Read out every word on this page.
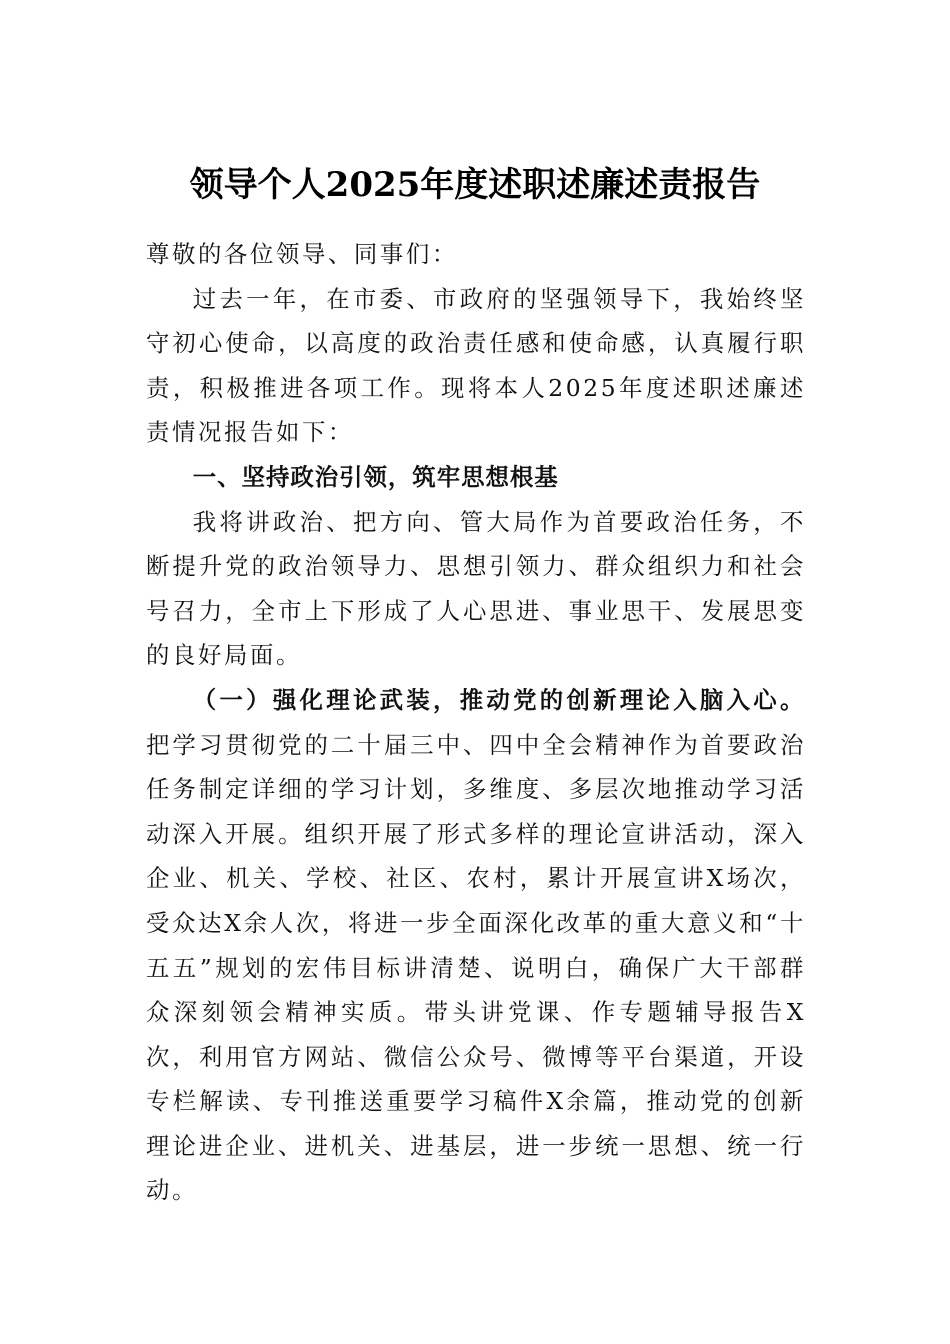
领导个人2025年度述职述廉述责报告

尊敬的各位领导、同事们：

过去一年，在市委、市政府的坚强领导下，我始终坚守初心使命，以高度的政治责任感和使命感，认真履行职责，积极推进各项工作。现将本人2025年度述职述廉述责情况报告如下：

一、坚持政治引领，筑牢思想根基

我将讲政治、把方向、管大局作为首要政治任务，不断提升党的政治领导力、思想引领力、群众组织力和社会号召力，全市上下形成了人心思进、事业思干、发展思变的良好局面。

（一）强化理论武装，推动党的创新理论入脑入心。把学习贯彻党的二十届三中、四中全会精神作为首要政治任务制定详细的学习计划，多维度、多层次地推动学习活动深入开展。组织开展了形式多样的理论宣讲活动，深入企业、机关、学校、社区、农村，累计开展宣讲X场次，受众达X余人次，将进一步全面深化改革的重大意义和“十五五”规划的宏伟目标讲清楚、说明白，确保广大干部群众深刻领会精神实质。带头讲党课、作专题辅导报告X次，利用官方网站、微信公众号、微博等平台渠道，开设专栏解读、专刊推送重要学习稿件X余篇，推动党的创新理论进企业、进机关、进基层，进一步统一思想、统一行动。
